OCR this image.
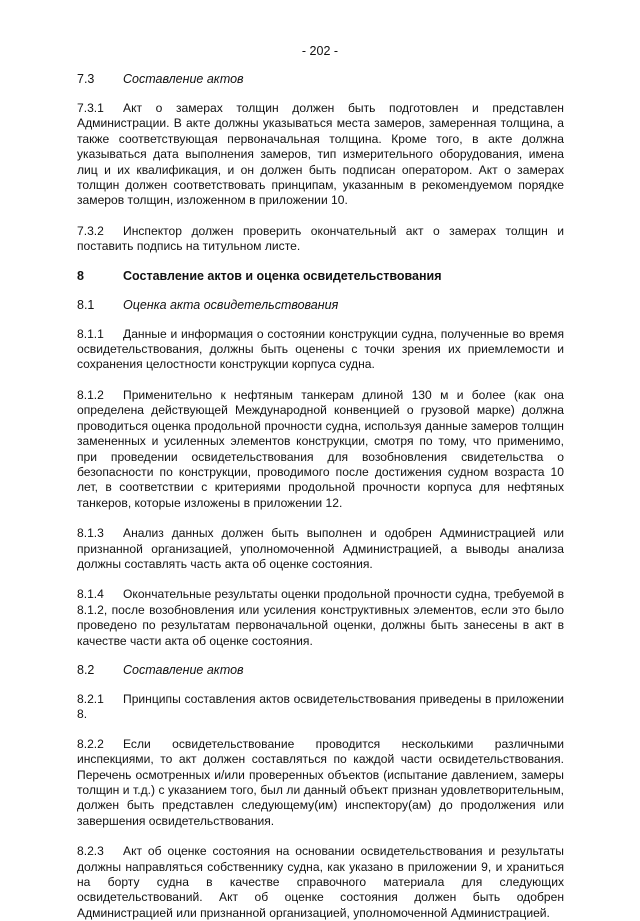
- 202 -
7.3 Составление актов
7.3.1 Акт о замерах толщин должен быть подготовлен и представлен Администрации. В акте должны указываться места замеров, замеренная толщина, а также соответствующая первоначальная толщина. Кроме того, в акте должна указываться дата выполнения замеров, тип измерительного оборудования, имена лиц и их квалификация, и он должен быть подписан оператором. Акт о замерах толщин должен соответствовать принципам, указанным в рекомендуемом порядке замеров толщин, изложенном в приложении 10.
7.3.2 Инспектор должен проверить окончательный акт о замерах толщин и поставить подпись на титульном листе.
8	Составление актов и оценка освидетельствования
8.1 Оценка акта освидетельствования
8.1.1 Данные и информация о состоянии конструкции судна, полученные во время освидетельствования, должны быть оценены с точки зрения их приемлемости и сохранения целостности конструкции корпуса судна.
8.1.2 Применительно к нефтяным танкерам длиной 130 м и более (как она определена действующей Международной конвенцией о грузовой марке) должна проводиться оценка продольной прочности судна, используя данные замеров толщин замененных и усиленных элементов конструкции, смотря по тому, что применимо, при проведении освидетельствования для возобновления свидетельства о безопасности по конструкции, проводимого после достижения судном возраста 10 лет, в соответствии с критериями продольной прочности корпуса для нефтяных танкеров, которые изложены в приложении 12.
8.1.3 Анализ данных должен быть выполнен и одобрен Администрацией или признанной организацией, уполномоченной Администрацией, а выводы анализа должны составлять часть акта об оценке состояния.
8.1.4 Окончательные результаты оценки продольной прочности судна, требуемой в 8.1.2, после возобновления или усиления конструктивных элементов, если это было проведено по результатам первоначальной оценки, должны быть занесены в акт в качестве части акта об оценке состояния.
8.2 Составление актов
8.2.1 Принципы составления актов освидетельствования приведены в приложении 8.
8.2.2 Если освидетельствование проводится несколькими различными инспекциями, то акт должен составляться по каждой части освидетельствования. Перечень осмотренных и/или проверенных объектов (испытание давлением, замеры толщин и т.д.) с указанием того, был ли данный объект признан удовлетворительным, должен быть представлен следующему(им) инспектору(ам) до продолжения или завершения освидетельствования.
8.2.3 Акт об оценке состояния на основании освидетельствования и результаты должны направляться собственнику судна, как указано в приложении 9, и храниться на борту судна в качестве справочного материала для следующих освидетельствований. Акт об оценке состояния должен быть одобрен Администрацией или признанной организацией, уполномоченной Администрацией.
